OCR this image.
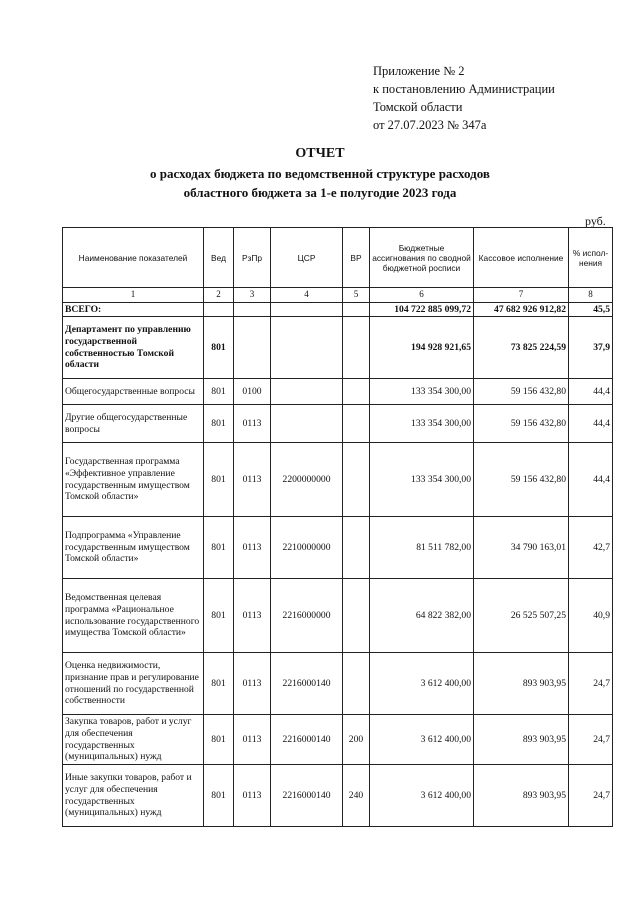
Приложение № 2
к постановлению Администрации
Томской области
от 27.07.2023 № 347а
ОТЧЕТ
о расходах бюджета по ведомственной структуре расходов
областного бюджета за 1-е полугодие 2023 года
руб.
Наименование показателей	Вед	РзПр	ЦСР	ВР	Бюджетные ассигнования по сводной бюджетной росписи	Кассовое исполнение	% испол-нения
1	2	3	4	5	6	7	8
ВСЕГО:					104 722 885 099,72	47 682 926 912,82	45,5
Департамент по управлению государственной собственностью Томской области	801				194 928 921,65	73 825 224,59	37,9
Общегосударственные вопросы	801	0100			133 354 300,00	59 156 432,80	44,4
Другие общегосударственные вопросы	801	0113			133 354 300,00	59 156 432,80	44,4
Государственная программа «Эффективное управление государственным имуществом Томской области»	801	0113	2200000000		133 354 300,00	59 156 432,80	44,4
Подпрограмма «Управление государственным имуществом Томской области»	801	0113	2210000000		81 511 782,00	34 790 163,01	42,7
Ведомственная целевая программа «Рациональное использование государственного имущества Томской области»	801	0113	2216000000		64 822 382,00	26 525 507,25	40,9
Оценка недвижимости, признание прав и регулирование отношений по государственной собственности	801	0113	2216000140		3 612 400,00	893 903,95	24,7
Закупка товаров, работ и услуг для обеспечения государственных (муниципальных) нужд	801	0113	2216000140	200	3 612 400,00	893 903,95	24,7
Иные закупки товаров, работ и услуг для обеспечения государственных (муниципальных) нужд	801	0113	2216000140	240	3 612 400,00	893 903,95	24,7
